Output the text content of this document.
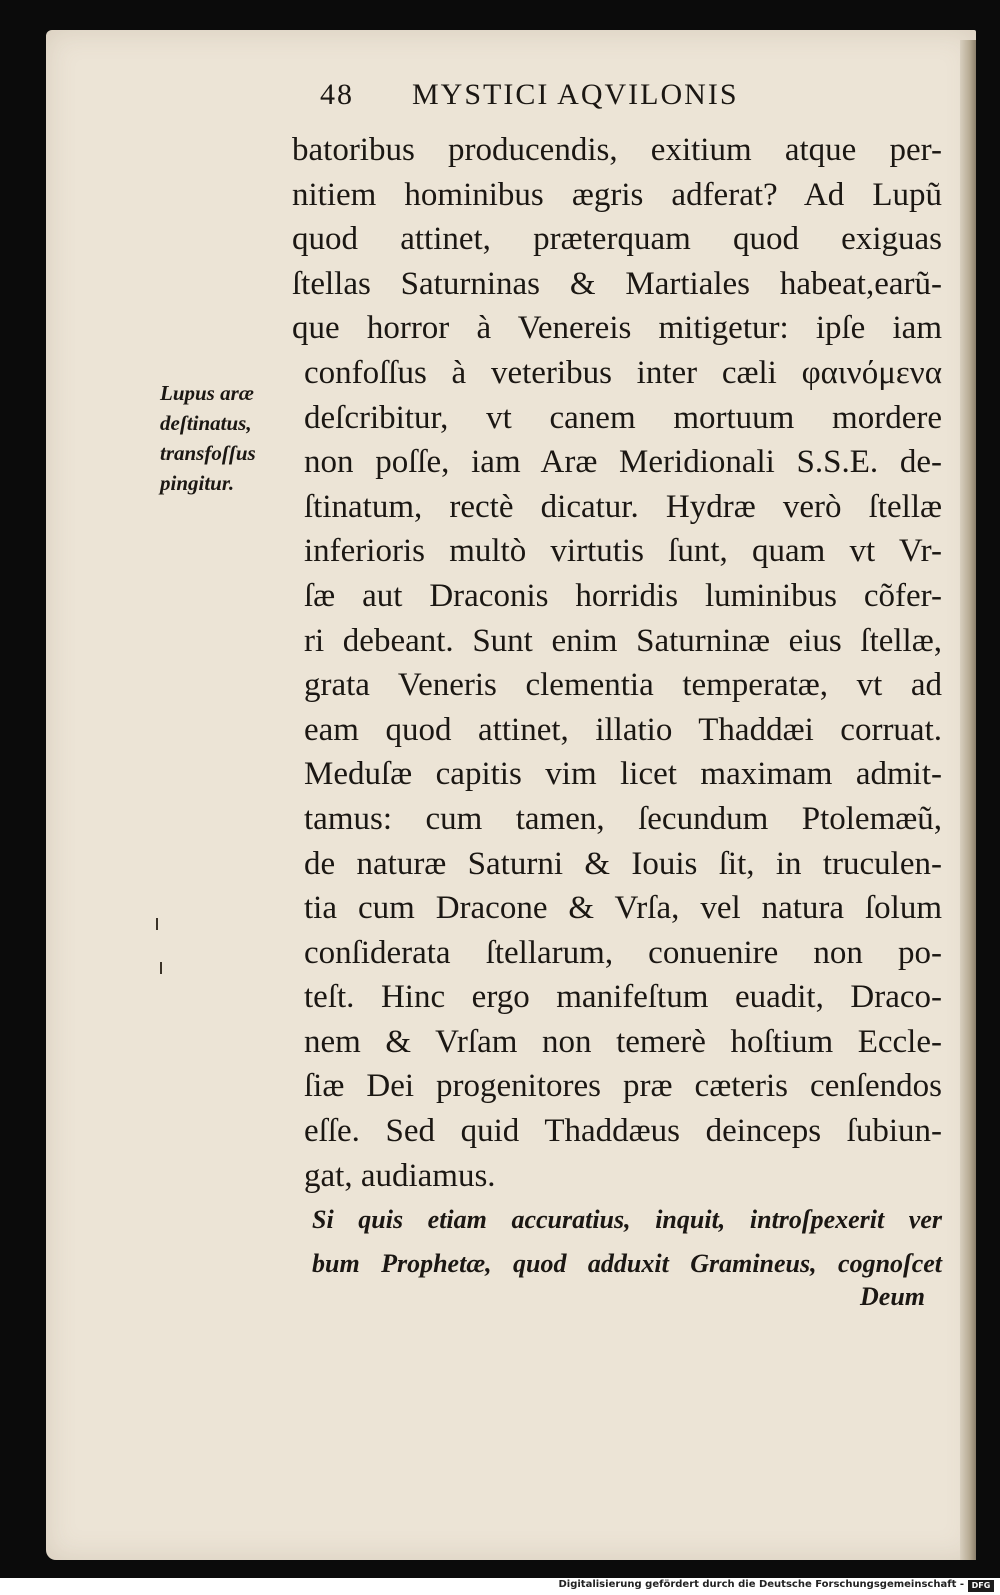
48 MYSTICI AQVILONIS
Lupus aræ
deſtinatus,
transfoſſus
pingitur.
batoribus producendis, exitium atque per-
nitiem hominibus ægris adferat? Ad Lupũ
quod attinet, præterquam quod exiguas
ſtellas Saturninas & Martiales habeat,earũ-
que horror à Venereis mitigetur: ipſe iam
confoſſus à veteribus inter cæli φαινόμενα
deſcribitur, vt canem mortuum mordere
non poſſe, iam Aræ Meridionali S.S.E. de-
ſtinatum, rectè dicatur. Hydræ verò ſtellæ
inferioris multò virtutis ſunt, quam vt Vr-
ſæ aut Draconis horridis luminibus cõfer-
ri debeant. Sunt enim Saturninæ eius ſtellæ,
grata Veneris clementia temperatæ, vt ad
eam quod attinet, illatio Thaddæi corruat.
Meduſæ capitis vim licet maximam admit-
tamus: cum tamen, ſecundum Ptolemæũ,
de naturæ Saturni & Iouis ſit, in truculen-
tia cum Dracone & Vrſa, vel natura ſolum
conſiderata ſtellarum, conuenire non po-
teſt. Hinc ergo manifeſtum euadit, Draco-
nem & Vrſam non temerè hoſtium Eccle-
ſiæ Dei progenitores præ cæteris cenſendos
eſſe. Sed quid Thaddæus deinceps ſubiun-
gat, audiamus.
Si quis etiam accuratius, inquit, introſpexerit ver
bum Prophetæ, quod adduxit Gramineus, cognoſcet
Deum
Digitalisierung gefördert durch die Deutsche Forschungsgemeinschaft - DFG
